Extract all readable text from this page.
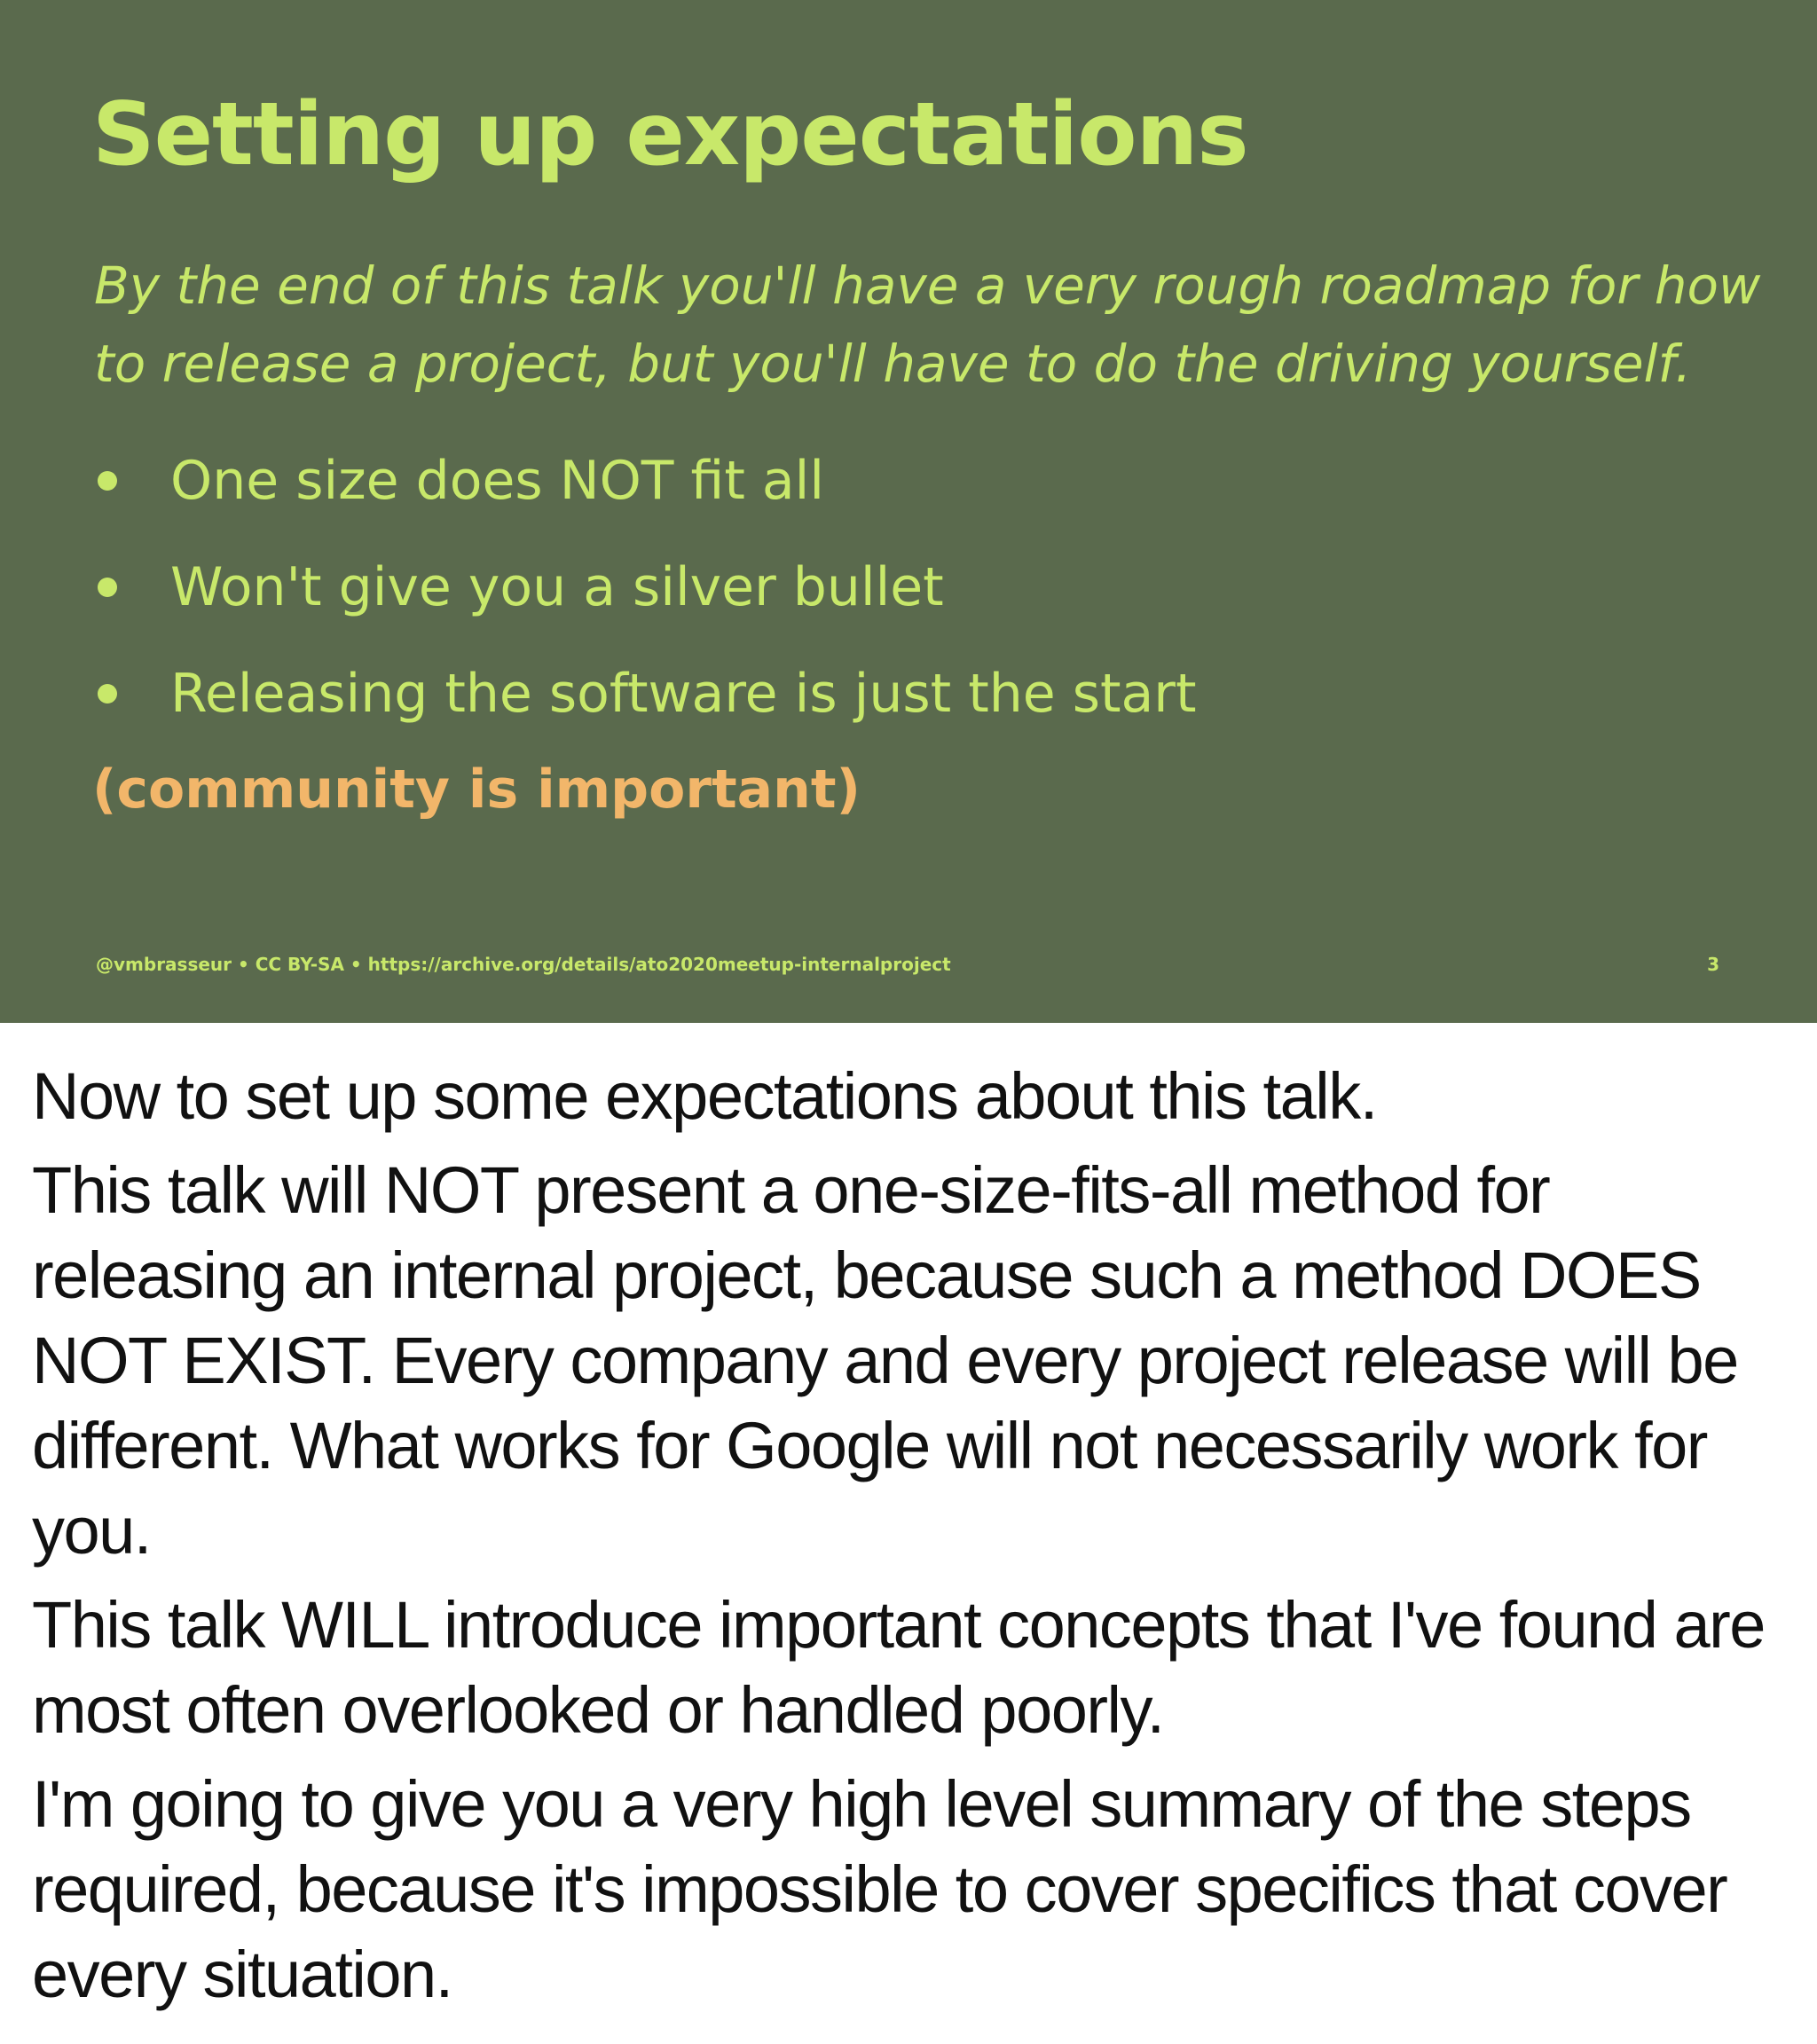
Setting up expectations

By the end of this talk you'll have a very rough roadmap for how to release a project, but you'll have to do the driving yourself.

One size does NOT fit all
Won't give you a silver bullet
Releasing the software is just the start

(community is important)

@vmbrasseur • CC BY-SA • https://archive.org/details/ato2020meetup-internalproject	3

Now to set up some expectations about this talk.

This talk will NOT present a one-size-fits-all method for releasing an internal project, because such a method DOES NOT EXIST. Every company and every project release will be different. What works for Google will not necessarily work for you.

This talk WILL introduce important concepts that I've found are most often overlooked or handled poorly.

I'm going to give you a very high level summary of the steps required, because it's impossible to cover specifics that cover every situation.
